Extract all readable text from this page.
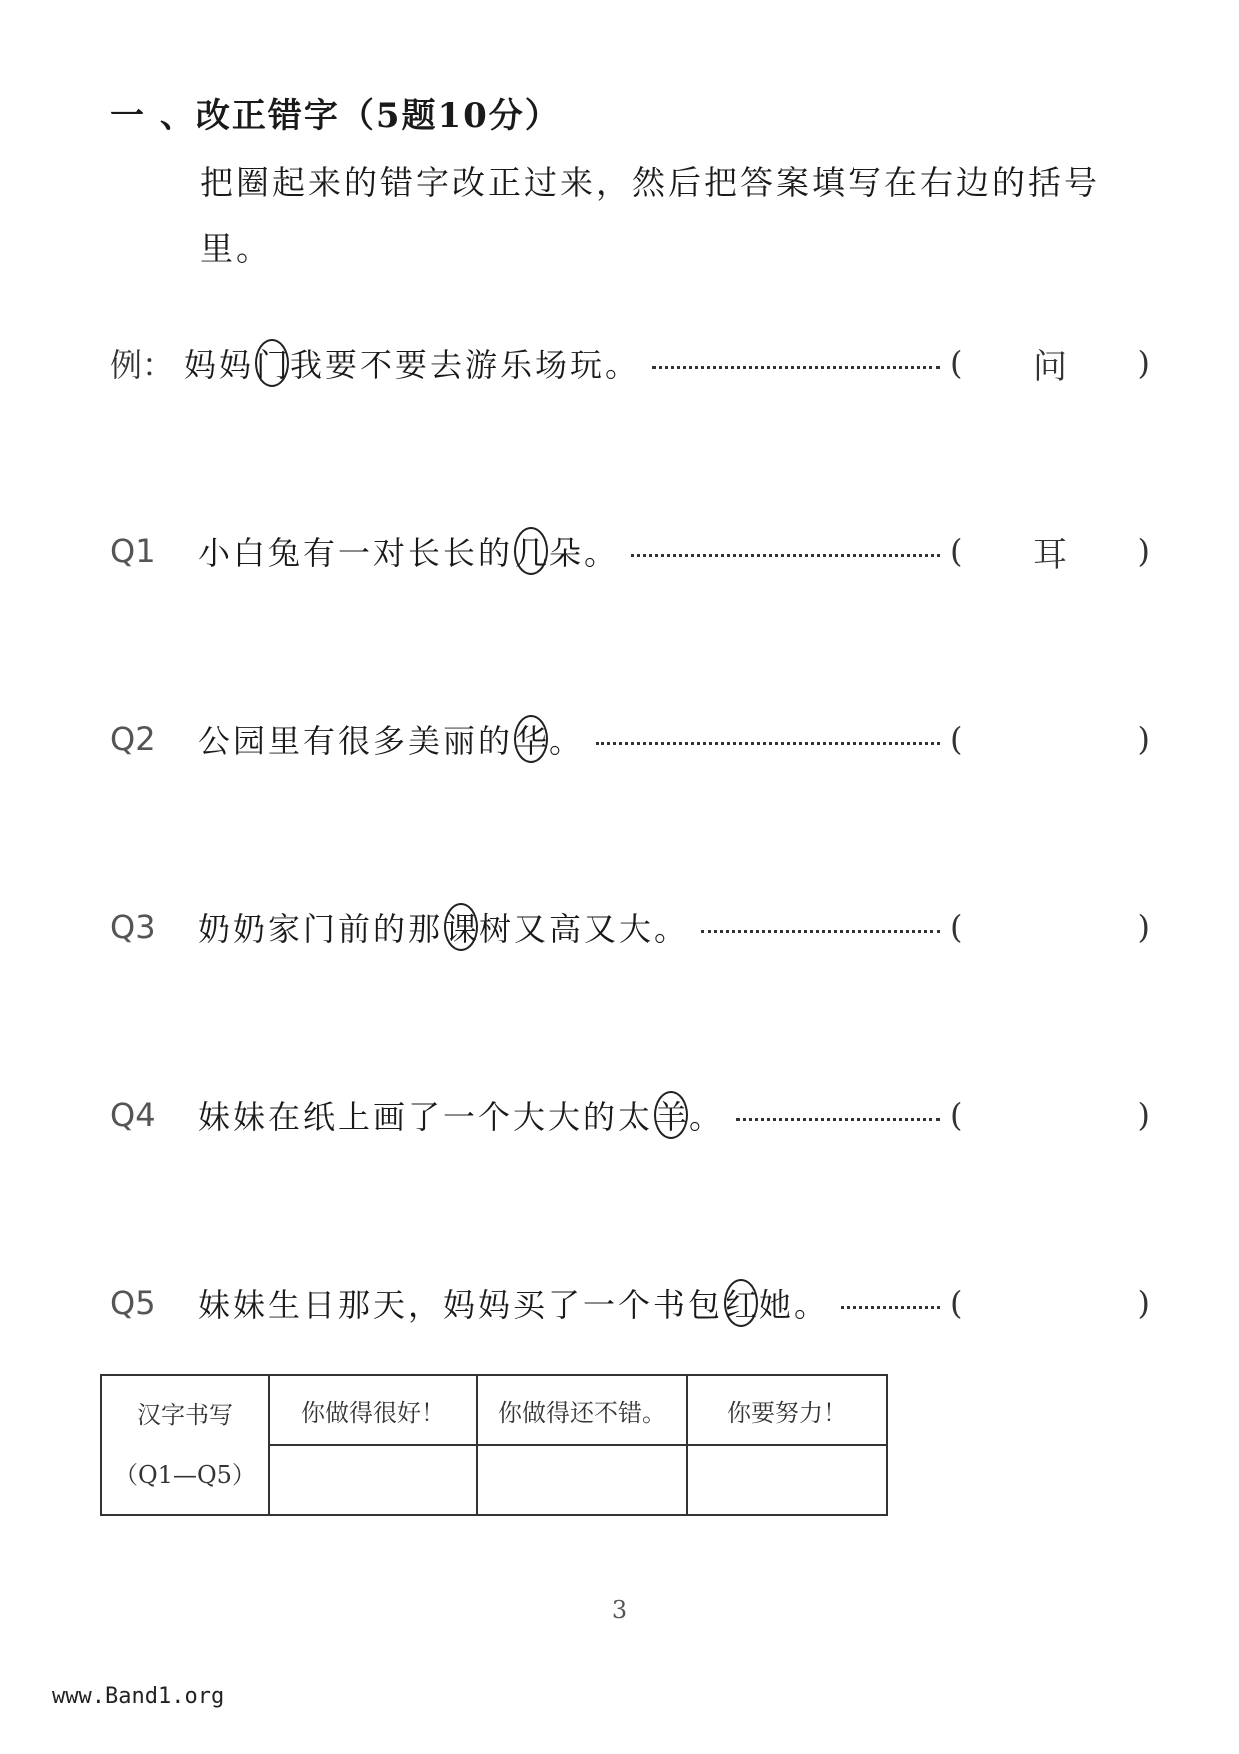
一 、改正错字（5题10分）
把圈起来的错字改正过来，然后把答案填写在右边的括号里。
例： 妈妈 门 我要不要去游乐场玩。	( 问 )
Q1	小白兔有一对长长的 几 朵。	( 耳 )
Q2	公园里有很多美丽的 华 。	(	)
Q3	奶奶家门前的那 课 树又高又大。	(	)
Q4	妹妹在纸上画了一个大大的太 羊 。	(	)
Q5	妹妹生日那天，妈妈买了一个书包 红 她。	(	)
汉字书写
（Q1—Q5）	你做得很好！	你做得还不错。	你要努力！

3
www.Band1.org
